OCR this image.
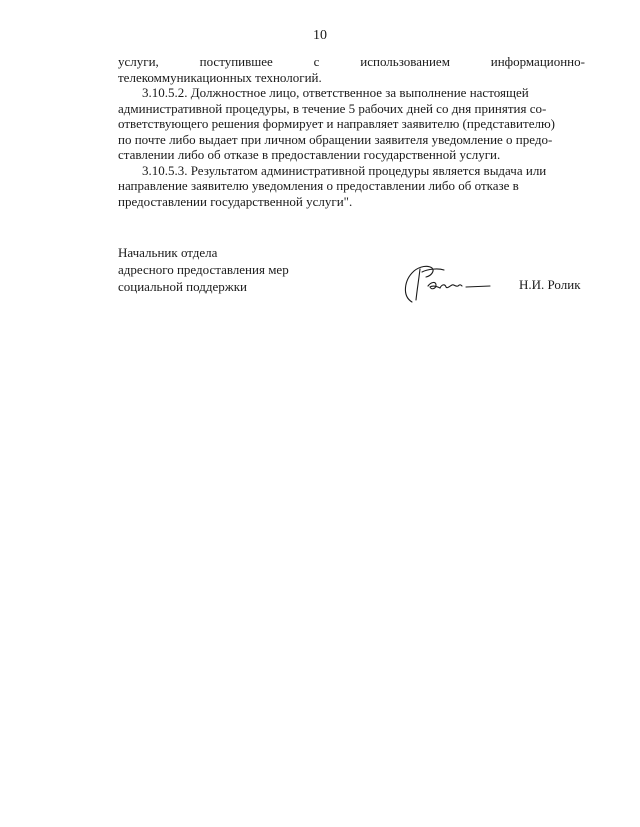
10

услуги,	поступившее	с	использованием	информационно-
телекоммуникационных технологий.

3.10.5.2. Должностное лицо, ответственное за выполнение настоящей
административной процедуры, в течение 5 рабочих дней со дня принятия со-
ответствующего решения формирует и направляет заявителю (представителю)
по почте либо выдает при личном обращении заявителя уведомление о предо-
ставлении либо об отказе в предоставлении государственной услуги.

3.10.5.3. Результатом административной процедуры является выдача или
направление заявителю уведомления о предоставлении либо об отказе в
предоставлении государственной услуги".

Начальник отдела
адресного предоставления мер
социальной поддержки	Н.И. Ролик
